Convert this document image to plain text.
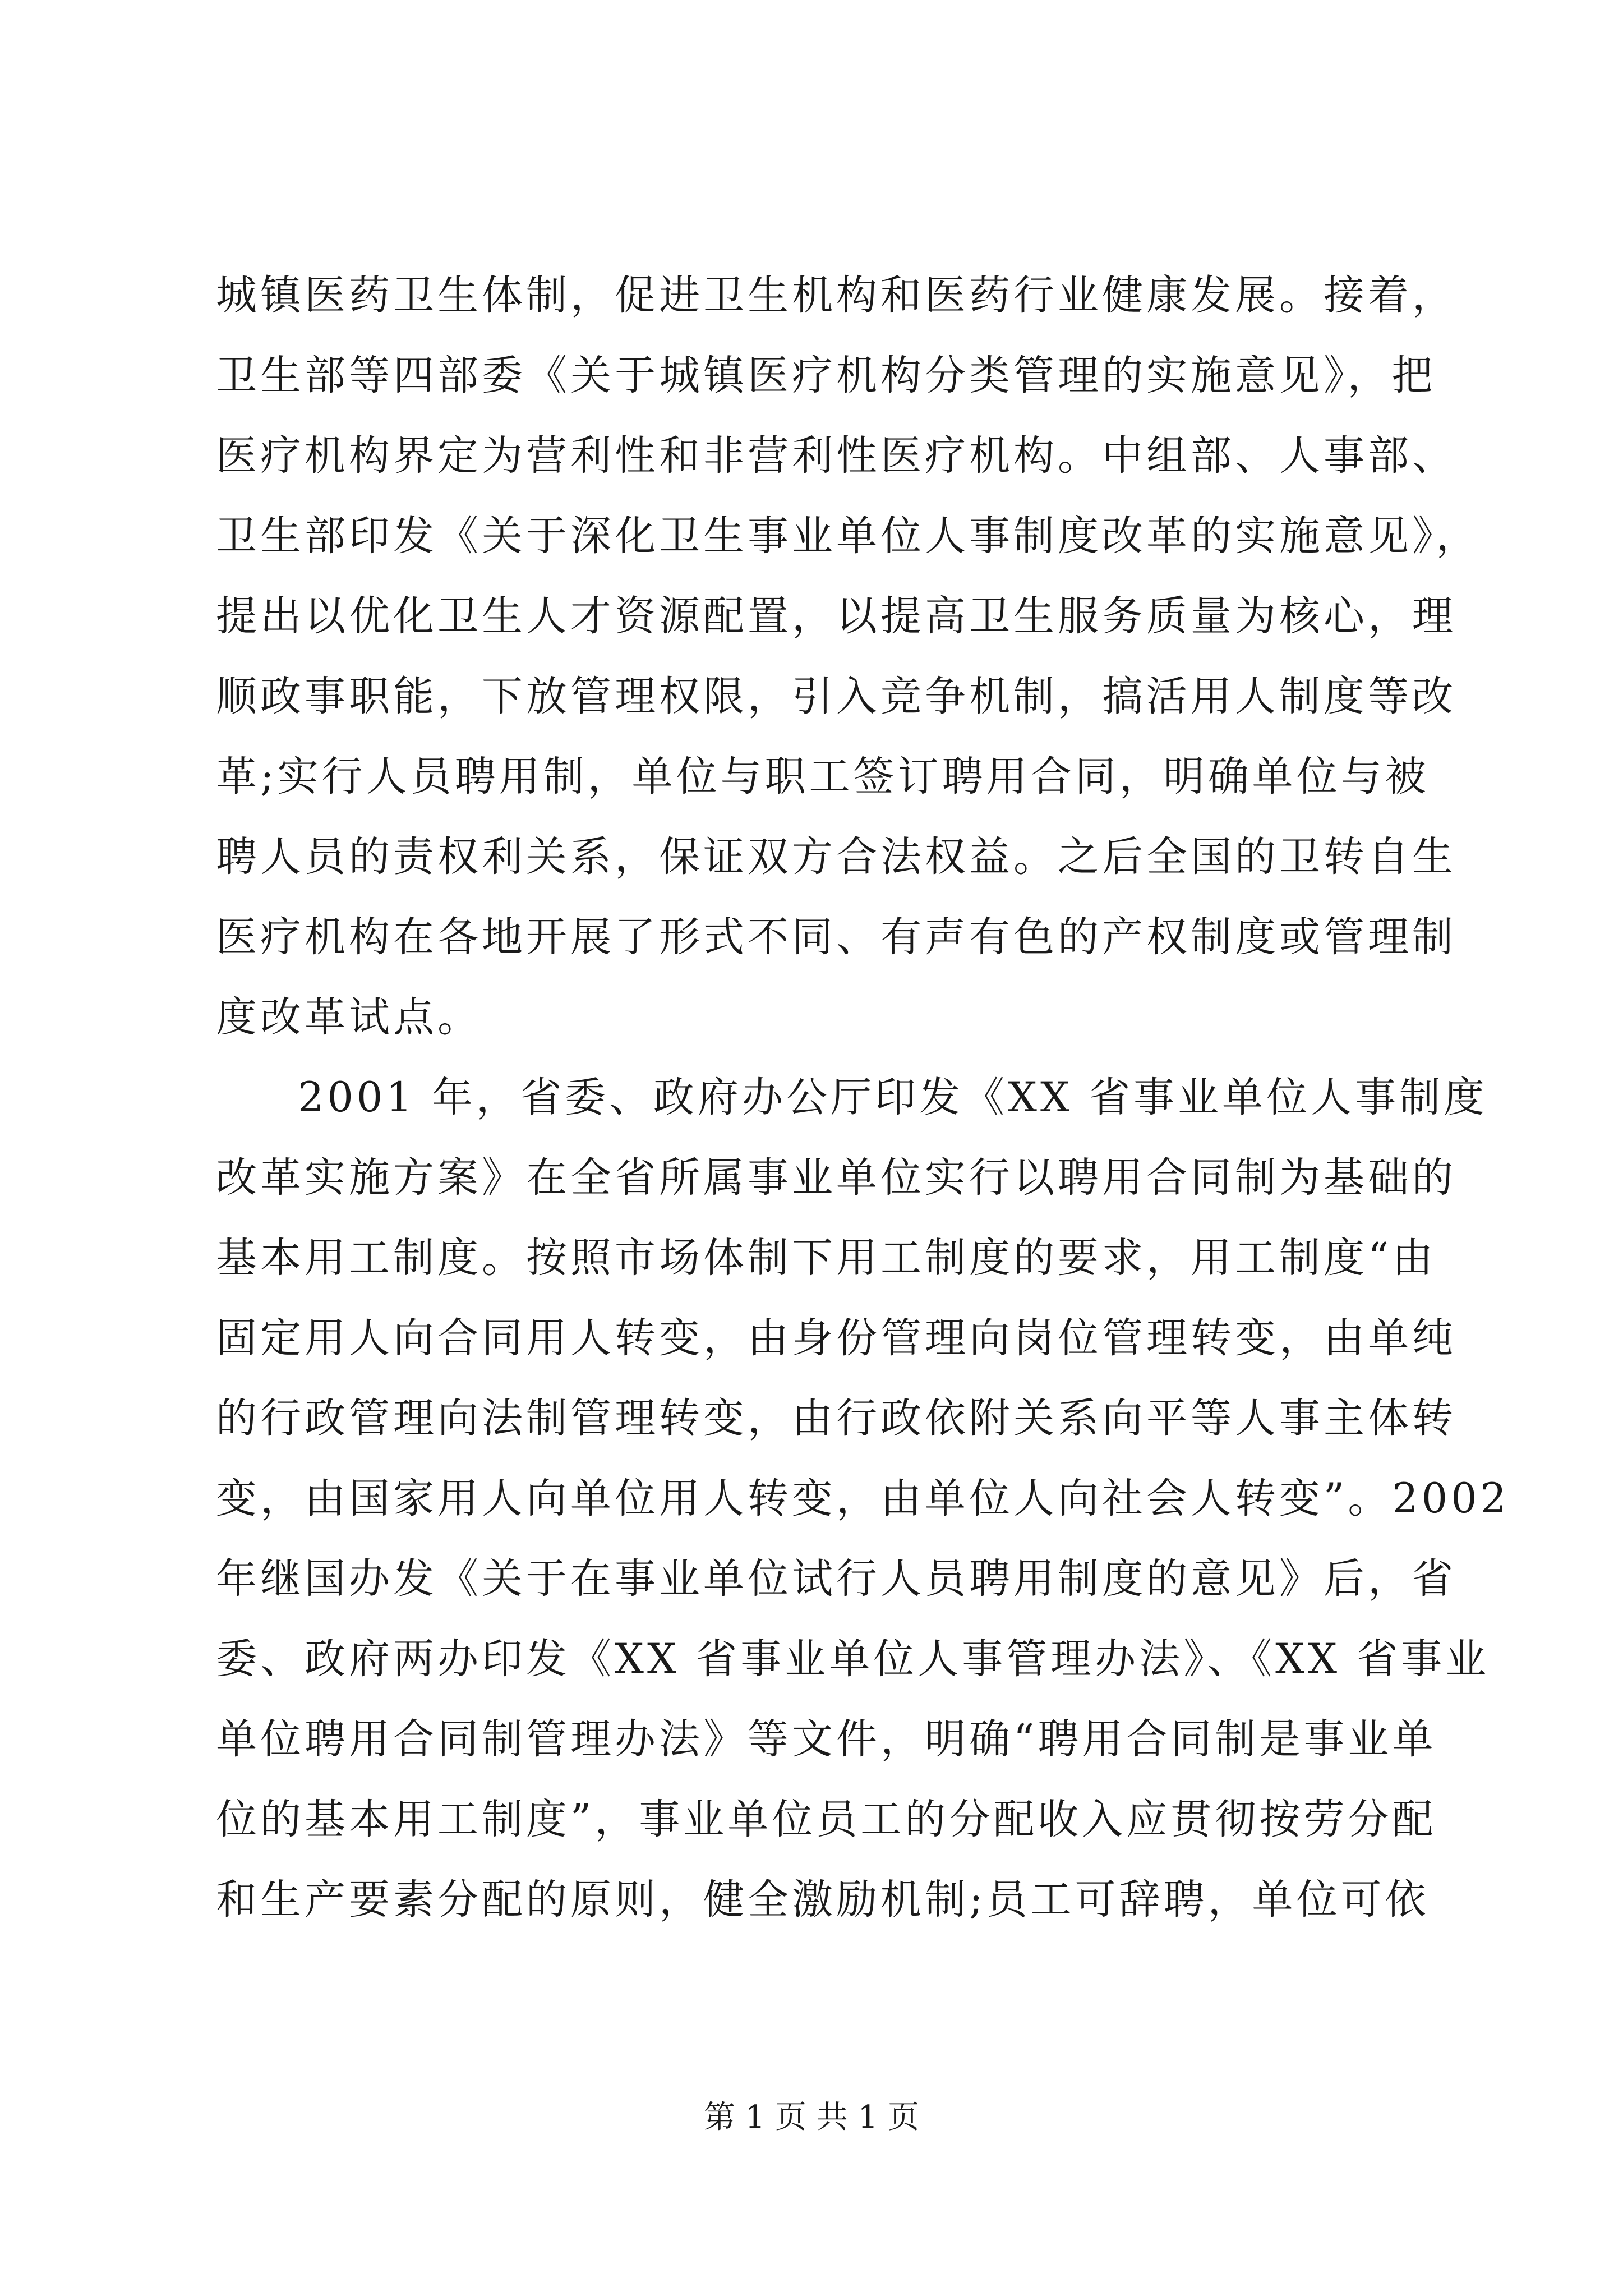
城镇医药卫生体制，促进卫生机构和医药行业健康发展。接着，
卫生部等四部委《关于城镇医疗机构分类管理的实施意见》，把
医疗机构界定为营利性和非营利性医疗机构。中组部、人事部、
卫生部印发《关于深化卫生事业单位人事制度改革的实施意见》，
提出以优化卫生人才资源配置，以提高卫生服务质量为核心，理
顺政事职能，下放管理权限，引入竞争机制，搞活用人制度等改
革;实行人员聘用制，单位与职工签订聘用合同，明确单位与被
聘人员的责权利关系，保证双方合法权益。之后全国的卫转自生
医疗机构在各地开展了形式不同、有声有色的产权制度或管理制
度改革试点。
2001 年，省委、政府办公厅印发《XX 省事业单位人事制度
改革实施方案》在全省所属事业单位实行以聘用合同制为基础的
基本用工制度。按照市场体制下用工制度的要求，用工制度“由
固定用人向合同用人转变，由身份管理向岗位管理转变，由单纯
的行政管理向法制管理转变，由行政依附关系向平等人事主体转
变，由国家用人向单位用人转变，由单位人向社会人转变”。2002
年继国办发《关于在事业单位试行人员聘用制度的意见》后，省
委、政府两办印发《XX 省事业单位人事管理办法》、《XX 省事业
单位聘用合同制管理办法》等文件，明确“聘用合同制是事业单
位的基本用工制度”，事业单位员工的分配收入应贯彻按劳分配
和生产要素分配的原则，健全激励机制;员工可辞聘，单位可依
第 1 页 共 1 页
